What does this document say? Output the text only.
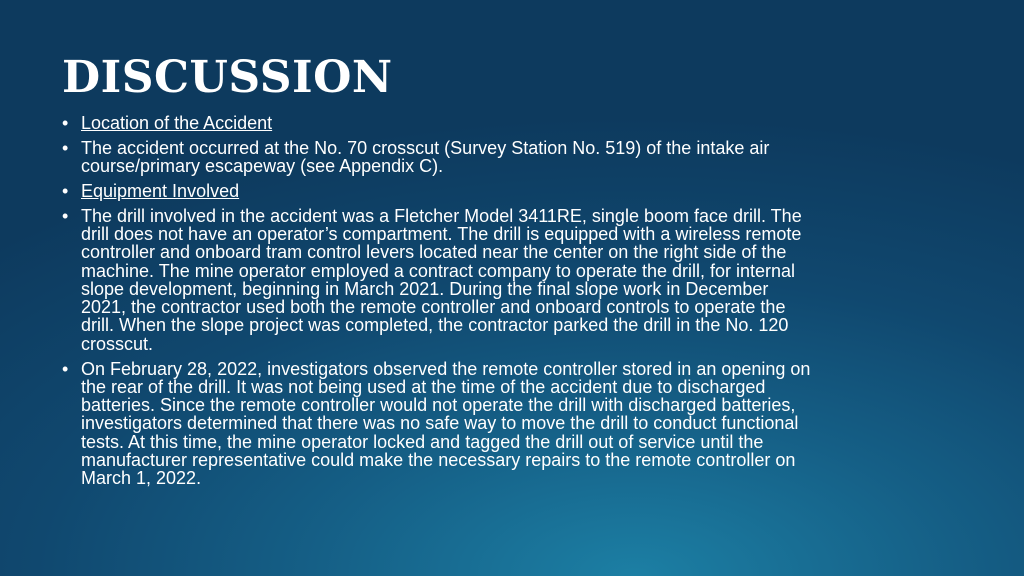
DISCUSSION
• Location of the Accident
• The accident occurred at the No. 70 crosscut (Survey Station No. 519) of the intake air
course/primary escapeway (see Appendix C).
• Equipment Involved
• The drill involved in the accident was a Fletcher Model 3411RE, single boom face drill. The
drill does not have an operator’s compartment. The drill is equipped with a wireless remote
controller and onboard tram control levers located near the center on the right side of the
machine. The mine operator employed a contract company to operate the drill, for internal
slope development, beginning in March 2021. During the final slope work in December
2021, the contractor used both the remote controller and onboard controls to operate the
drill. When the slope project was completed, the contractor parked the drill in the No. 120
crosscut.
• On February 28, 2022, investigators observed the remote controller stored in an opening on
the rear of the drill. It was not being used at the time of the accident due to discharged
batteries. Since the remote controller would not operate the drill with discharged batteries,
investigators determined that there was no safe way to move the drill to conduct functional
tests. At this time, the mine operator locked and tagged the drill out of service until the
manufacturer representative could make the necessary repairs to the remote controller on
March 1, 2022.
